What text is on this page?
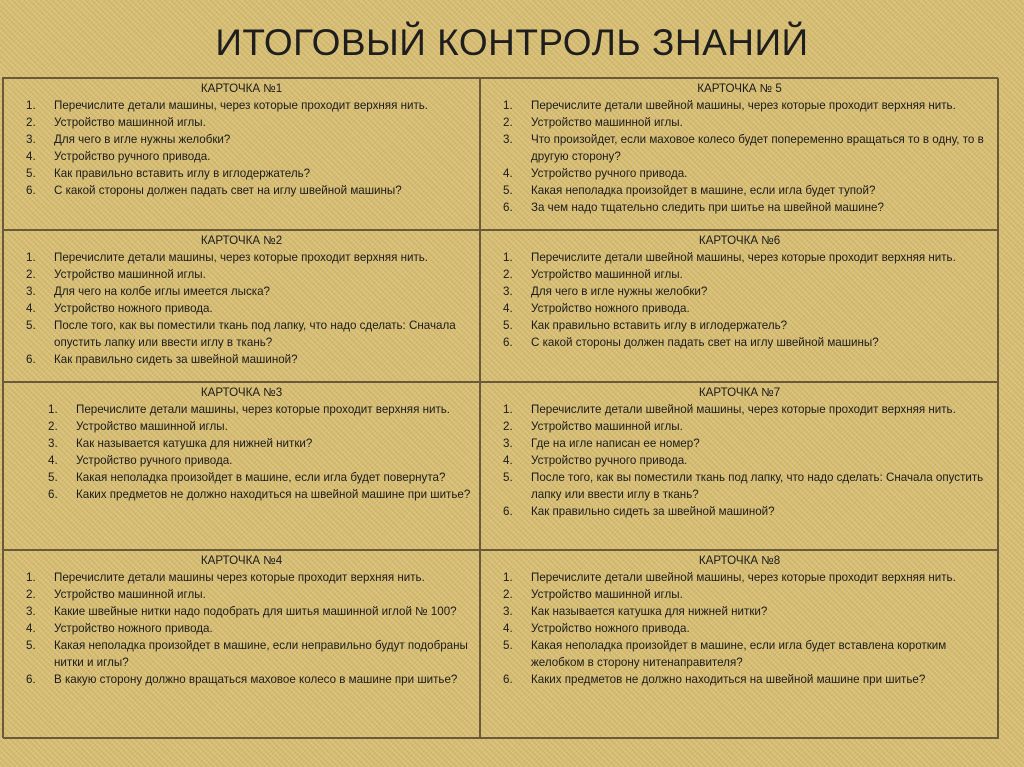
ИТОГОВЫЙ КОНТРОЛЬ ЗНАНИЙ
КАРТОЧКА №1
1.	Перечислите детали машины, через которые проходит верхняя нить.
2.	Устройство машинной иглы.
3.	Для чего в игле нужны желобки?
4.	Устройство ручного привода.
5.	Как правильно вставить иглу в иглодержатель?
6.	С какой стороны должен падать свет на иглу швейной машины?
КАРТОЧКА № 5
1.	Перечислите детали швейной машины, через которые проходит верхняя нить.
2.	Устройство машинной иглы.
3.	Что произойдет, если маховое колесо будет попеременно вращаться то в одну, то в другую сторону?
4.	Устройство ручного привода.
5.	Какая неполадка произойдет в машине, если игла будет тупой?
6.	За чем надо тщательно следить при шитье на швейной машине?
КАРТОЧКА №2
1.	Перечислите детали машины, через которые проходит верхняя нить.
2.	Устройство машинной иглы.
3.	Для чего на колбе иглы имеется лыска?
4.	Устройство ножного привода.
5.	После того, как вы поместили ткань под лапку, что надо сделать: Сначала опустить лапку или ввести иглу в ткань?
6.	Как правильно сидеть за швейной машиной?
КАРТОЧКА №6
1.	Перечислите детали швейной машины, через которые проходит верхняя нить.
2.	Устройство машинной иглы.
3.	Для чего в игле нужны желобки?
4.	Устройство ножного привода.
5.	Как правильно вставить иглу в иглодержатель?
6.	С какой стороны должен падать свет на иглу швейной машины?
КАРТОЧКА №3
1.	Перечислите детали машины, через которые проходит верхняя нить.
2.	Устройство машинной иглы.
3.	Как называется катушка для нижней нитки?
4.	Устройство ручного привода.
5.	Какая неполадка произойдет в машине, если игла будет повернута?
6.	Каких предметов не должно находиться на швейной машине при шитье?
КАРТОЧКА №7
1.	Перечислите детали швейной машины, через которые проходит верхняя нить.
2.	Устройство машинной иглы.
3.	Где на игле написан ее номер?
4.	Устройство ручного привода.
5.	После того, как вы поместили ткань под лапку, что надо сделать: Сначала опустить лапку или ввести иглу в ткань?
6.	Как правильно сидеть за швейной машиной?
КАРТОЧКА №4
1.	Перечислите детали машины через которые проходит верхняя нить.
2.	Устройство машинной иглы.
3.	Какие швейные нитки надо подобрать для шитья машинной иглой № 100?
4.	Устройство ножного привода.
5.	Какая неполадка произойдет в машине, если неправильно будут подобраны нитки и иглы?
6.	В какую сторону должно вращаться маховое колесо в машине при шитье?
КАРТОЧКА №8
1.	Перечислите детали швейной машины, через которые проходит верхняя нить.
2.	Устройство машинной иглы.
3.	Как называется катушка для нижней нитки?
4.	Устройство ножного привода.
5.	Какая неполадка произойдет в машине, если игла будет вставлена коротким желобком в сторону нитенаправителя?
6.	Каких предметов не должно находиться на швейной машине при шитье?
